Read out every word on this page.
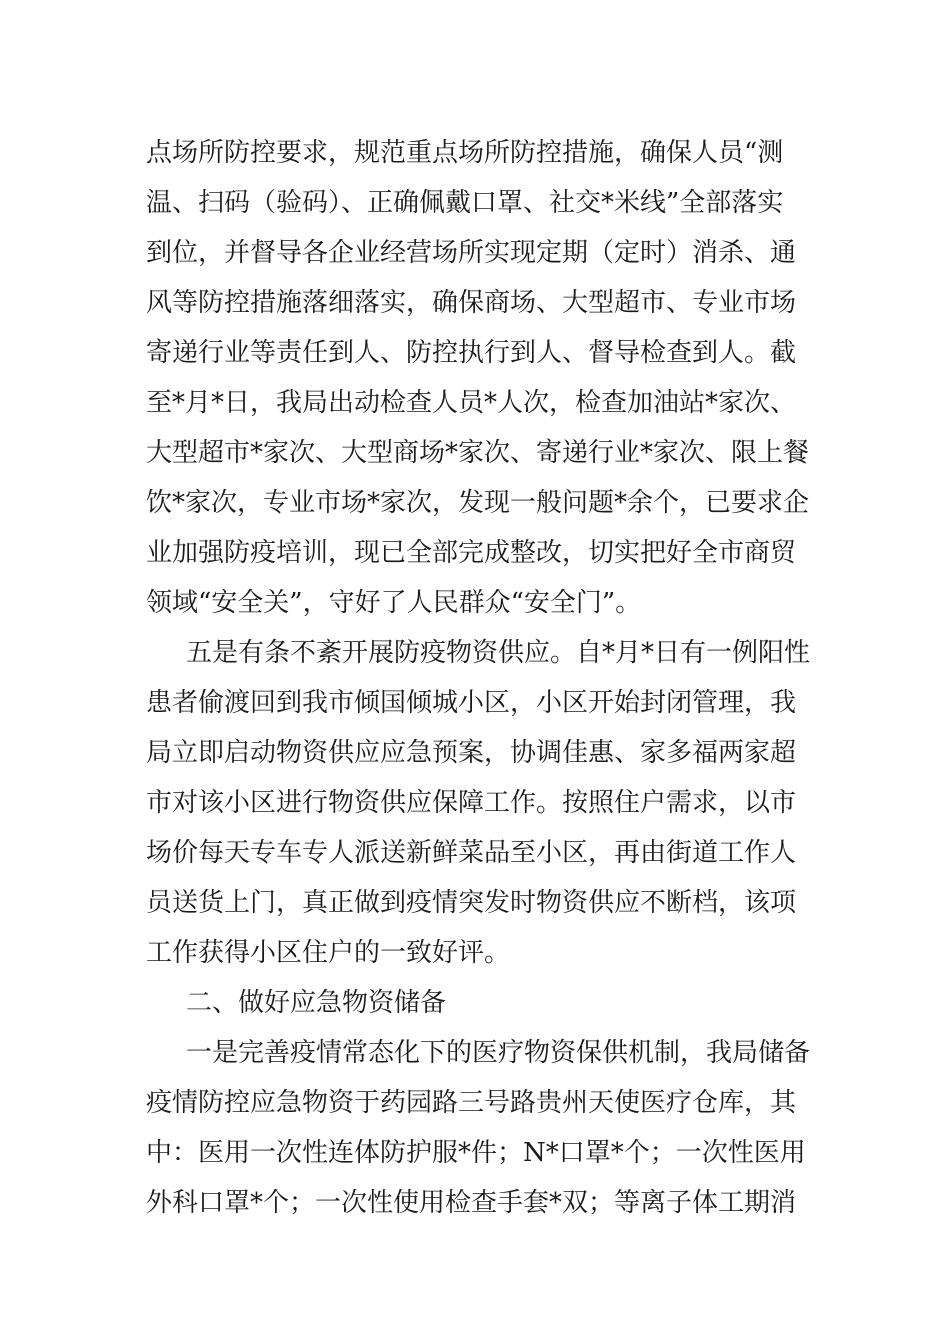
点场所防控要求，规范重点场所防控措施，确保人员“测
温、扫码（验码）、正确佩戴口罩、社交*米线”全部落实
到位，并督导各企业经营场所实现定期（定时）消杀、通
风等防控措施落细落实，确保商场、大型超市、专业市场
寄递行业等责任到人、防控执行到人、督导检查到人。截
至*月*日，我局出动检查人员*人次，检查加油站*家次、
大型超市*家次、大型商场*家次、寄递行业*家次、限上餐
饮*家次，专业市场*家次，发现一般问题*余个，已要求企
业加强防疫培训，现已全部完成整改，切实把好全市商贸
领域“安全关”，守好了人民群众“安全门”。
五是有条不紊开展防疫物资供应。自*月*日有一例阳性
患者偷渡回到我市倾国倾城小区，小区开始封闭管理，我
局立即启动物资供应应急预案，协调佳惠、家多福两家超
市对该小区进行物资供应保障工作。按照住户需求，以市
场价每天专车专人派送新鲜菜品至小区，再由街道工作人
员送货上门，真正做到疫情突发时物资供应不断档，该项
工作获得小区住户的一致好评。
二、做好应急物资储备
一是完善疫情常态化下的医疗物资保供机制，我局储备
疫情防控应急物资于药园路三号路贵州天使医疗仓库，其
中：医用一次性连体防护服*件；N*口罩*个；一次性医用
外科口罩*个；一次性使用检查手套*双；等离子体工期消
